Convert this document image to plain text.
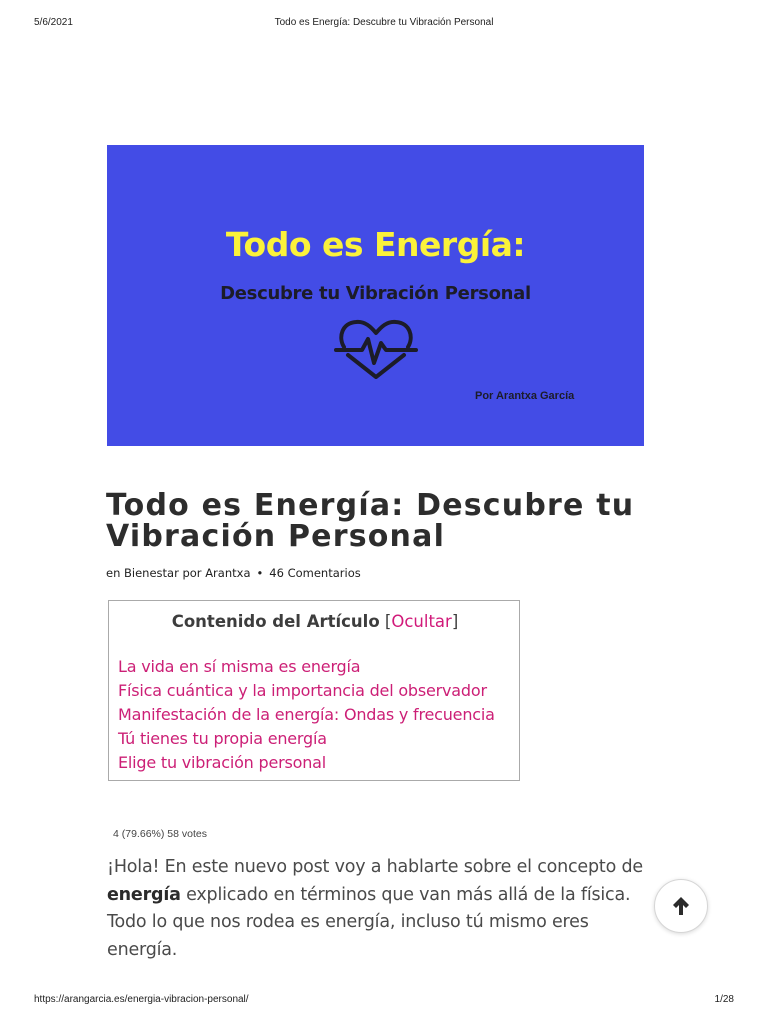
5/6/2021	Todo es Energía: Descubre tu Vibración Personal
Todo es Energía:
Descubre tu Vibración Personal
Por Arantxa García
Todo es Energía: Descubre tu Vibración Personal
en Bienestar por Arantxa • 46 Comentarios
Contenido del Artículo [Ocultar]
La vida en sí misma es energía
Física cuántica y la importancia del observador
Manifestación de la energía: Ondas y frecuencia
Tú tienes tu propia energía
Elige tu vibración personal
4 (79.66%) 58 votes

¡Hola! En este nuevo post voy a hablarte sobre el concepto de energía explicado en términos que van más allá de la física. Todo lo que nos rodea es energía, incluso tú mismo eres energía.

https://arangarcia.es/energia-vibracion-personal/	1/28
